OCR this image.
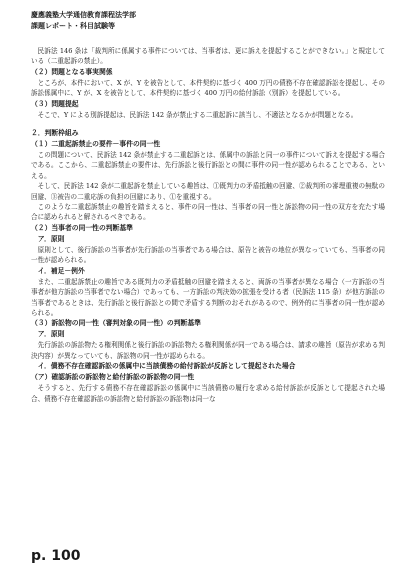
慶應義塾大学通信教育課程法学部
課題レポート・科目試験等

民訴法 146 条は「裁判所に係属する事件については、当事者は、更に訴えを提起することができない。」と規定している（二重起訴の禁止）。

（２）問題となる事実関係

ところが、本件において、X が、Y を被告として、本件契約に基づく 400 万円の債務不存在確認訴訟を提起し、その訴訟係属中に、Y が、X を被告として、本件契約に基づく 400 万円の給付訴訟（別訴）を提起している。

（３）問題提起

そこで、Y による別訴提起は、民訴法 142 条が禁止する二重起訴に該当し、不適法となるかが問題となる。

２．判断枠組み

（１）二重起訴禁止の要件－事件の同一性

この問題について、民訴法 142 条が禁止する二重起訴とは、係属中の訴訟と同一の事件について訴えを提起する場合である。ここから、二重起訴禁止の要件は、先行訴訟と後行訴訟との間に事件の同一性が認められることである、といえる。

そして、民訴法 142 条が二重起訴を禁止している趣旨は、①既判力の矛盾抵触の回避、②裁判所の審理重複の無駄の回避、③被告の二重応訴の負担の回避にあり、①を重視する。

このような二重起訴禁止の趣旨を踏まえると、事件の同一性は、当事者の同一性と訴訟物の同一性の双方を充たす場合に認められると解されるべきである。

（２）当事者の同一性の判断基準

ア．原則

原則として、後行訴訟の当事者が先行訴訟の当事者である場合は、原告と被告の地位が異なっていても、当事者の同一性が認められる。

イ．補足－例外

また、二重起訴禁止の趣旨である既判力の矛盾抵触の回避を踏まえると、両訴の当事者が異なる場合（一方訴訟の当事者が他方訴訟の当事者でない場合）であっても、一方訴訟の判決効の拡張を受ける者（民訴法 115 条）が他方訴訟の当事者であるときは、先行訴訟と後行訴訟との間で矛盾する判断のおそれがあるので、例外的に当事者の同一性が認められる。

（３）訴訟物の同一性（審判対象の同一性）の判断基準

ア．原則

先行訴訟の訴訟物たる権利関係と後行訴訟の訴訟物たる権利関係が同一である場合は、請求の趣旨（原告が求める判決内容）が異なっていても、訴訟物の同一性が認められる。

イ．債務不存在確認訴訟の係属中に当該債務の給付訴訟が反訴として提起された場合

（ア）確認訴訟の訴訟物と給付訴訟の訴訟物の同一性

そうすると、先行する債務不存在確認訴訟の係属中に当該債務の履行を求める給付訴訟が反訴として提起された場合、債務不存在確認訴訟の訴訟物と給付訴訟の訴訟物は同一な

p. 100
